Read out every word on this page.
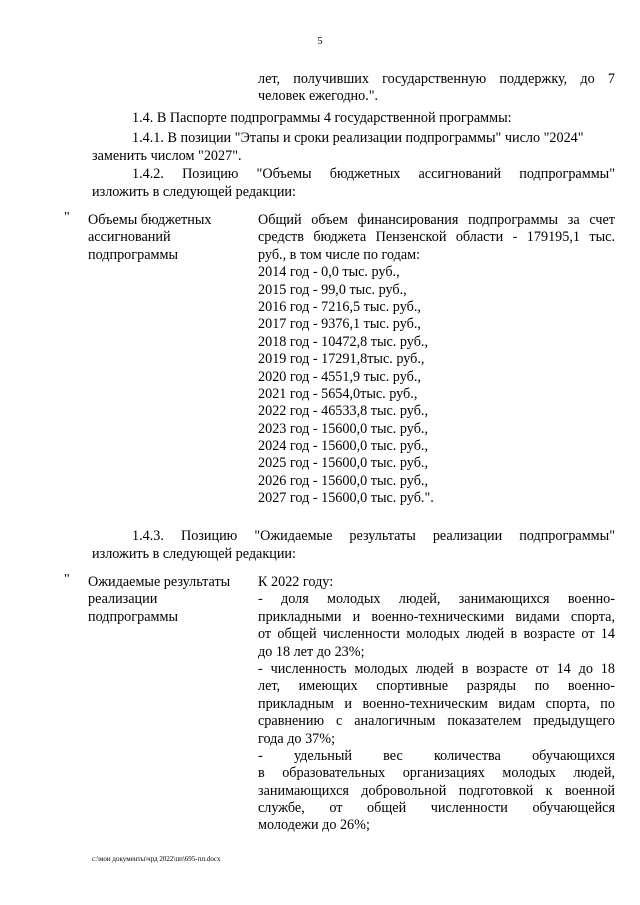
5
лет, получивших государственную поддержку, до 7
человек ежегодно.".
1.4. В Паспорте подпрограммы 4 государственной программы:
1.4.1. В позиции "Этапы и сроки реализации подпрограммы" число "2024"
заменить числом "2027".
1.4.2. Позицию "Объемы бюджетных ассигнований подпрограммы"
изложить в следующей редакции:
" Объемы бюджетных
ассигнований
подпрограммы
Общий объем финансирования подпрограммы за счет
средств бюджета Пензенской области - 179195,1 тыс.
руб., в том числе по годам:
2014 год - 0,0 тыс. руб.,
2015 год - 99,0 тыс. руб.,
2016 год - 7216,5 тыс. руб.,
2017 год - 9376,1 тыс. руб.,
2018 год - 10472,8 тыс. руб.,
2019 год - 17291,8тыс. руб.,
2020 год - 4551,9 тыс. руб.,
2021 год - 5654,0тыс. руб.,
2022 год - 46533,8 тыс. руб.,
2023 год - 15600,0 тыс. руб.,
2024 год - 15600,0 тыс. руб.,
2025 год - 15600,0 тыс. руб.,
2026 год - 15600,0 тыс. руб.,
2027 год - 15600,0 тыс. руб.".
1.4.3. Позицию "Ожидаемые результаты реализации подпрограммы"
изложить в следующей редакции:
" Ожидаемые результаты
реализации
подпрограммы
К 2022 году:
- доля молодых людей, занимающихся военно-
прикладными и военно-техническими видами спорта,
от общей численности молодых людей в возрасте от 14
до 18 лет до 23%;
- численность молодых людей в возрасте от 14 до 18
лет, имеющих спортивные разряды по военно-
прикладным и военно-техническим видам спорта, по
сравнению с аналогичным показателем предыдущего
года до 37%;
- удельный вес количества обучающихся
в образовательных организациях молодых людей,
занимающихся добровольной подготовкой к военной
службе, от общей численности обучающейся
молодежи до 26%;
c:\мои документы\чрд 2022\пп\695-пп.docx
